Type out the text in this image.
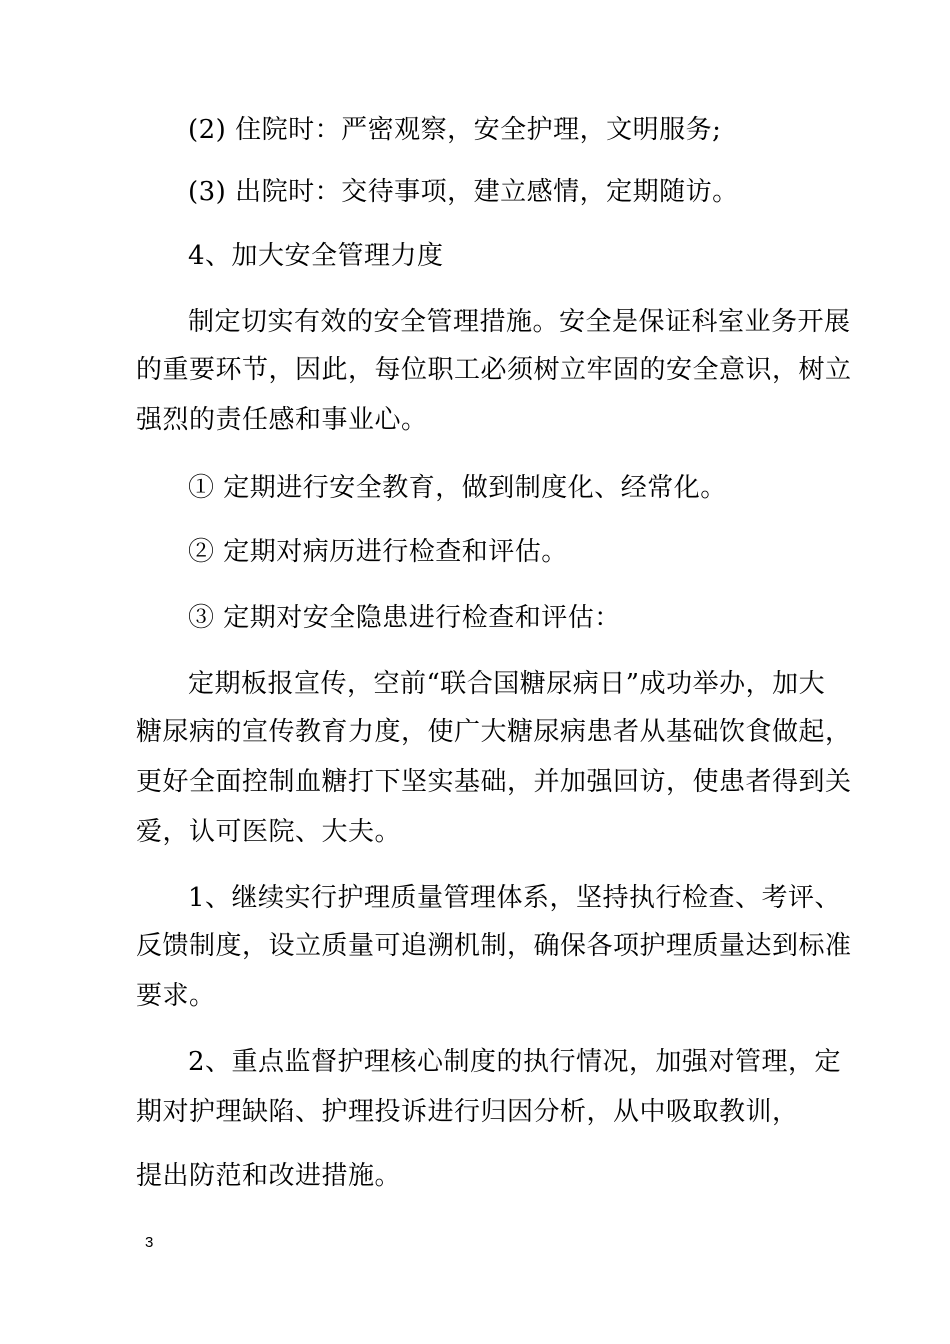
(2) 住院时：严密观察，安全护理，文明服务;
(3) 出院时：交待事项，建立感情，定期随访。
4、加大安全管理力度
制定切实有效的安全管理措施。安全是保证科室业务开展
的重要环节，因此，每位职工必须树立牢固的安全意识，树立
强烈的责任感和事业心。
① 定期进行安全教育，做到制度化、经常化。
② 定期对病历进行检查和评估。
③ 定期对安全隐患进行检查和评估：
定期板报宣传，空前“联合国糖尿病日”成功举办，加大
糖尿病的宣传教育力度，使广大糖尿病患者从基础饮食做起，
更好全面控制血糖打下坚实基础，并加强回访，使患者得到关
爱，认可医院、大夫。
1、继续实行护理质量管理体系，坚持执行检查、考评、
反馈制度，设立质量可追溯机制，确保各项护理质量达到标准
要求。
2、重点监督护理核心制度的执行情况，加强对管理，定
期对护理缺陷、护理投诉进行归因分析，从中吸取教训，
提出防范和改进措施。
3
